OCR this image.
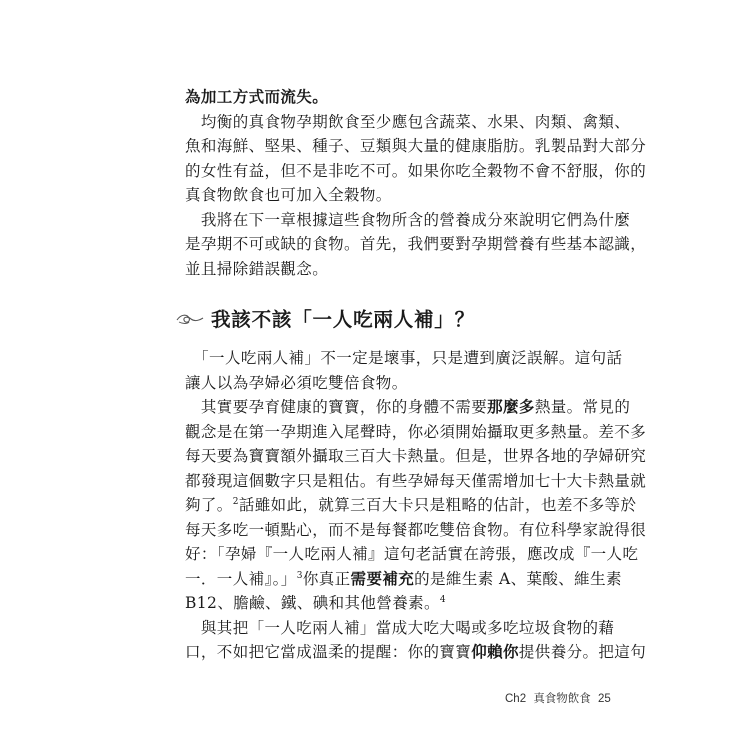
為加工方式而流失。
　均衡的真食物孕期飲食至少應包含蔬菜、水果、肉類、禽類、
魚和海鮮、堅果、種子、豆類與大量的健康脂肪。乳製品對大部分
的女性有益，但不是非吃不可。如果你吃全穀物不會不舒服，你的
真食物飲食也可加入全穀物。
　我將在下一章根據這些食物所含的營養成分來說明它們為什麼
是孕期不可或缺的食物。首先，我們要對孕期營養有些基本認識，
並且掃除錯誤觀念。
我該不該「一人吃兩人補」？
　「一人吃兩人補」不一定是壞事，只是遭到廣泛誤解。這句話
讓人以為孕婦必須吃雙倍食物。
　其實要孕育健康的寶寶，你的身體不需要那麼多熱量。常見的
觀念是在第一孕期進入尾聲時，你必須開始攝取更多熱量。差不多
每天要為寶寶額外攝取三百大卡熱量。但是，世界各地的孕婦研究
都發現這個數字只是粗估。有些孕婦每天僅需增加七十大卡熱量就
夠了。$^2$話雖如此，就算三百大卡只是粗略的估計，也差不多等於
每天多吃一頓點心，而不是每餐都吃雙倍食物。有位科學家說得很
好：「孕婦『一人吃兩人補』這句老話實在誇張，應改成『一人吃
一．一人補』。」$^3$你真正需要補充的是維生素 A、葉酸、維生素
B12、膽鹼、鐵、碘和其他營養素。$^4$
　與其把「一人吃兩人補」當成大吃大喝或多吃垃圾食物的藉
口，不如把它當成溫柔的提醒：你的寶寶仰賴你提供養分。把這句
Ch2 真食物飲食 25
